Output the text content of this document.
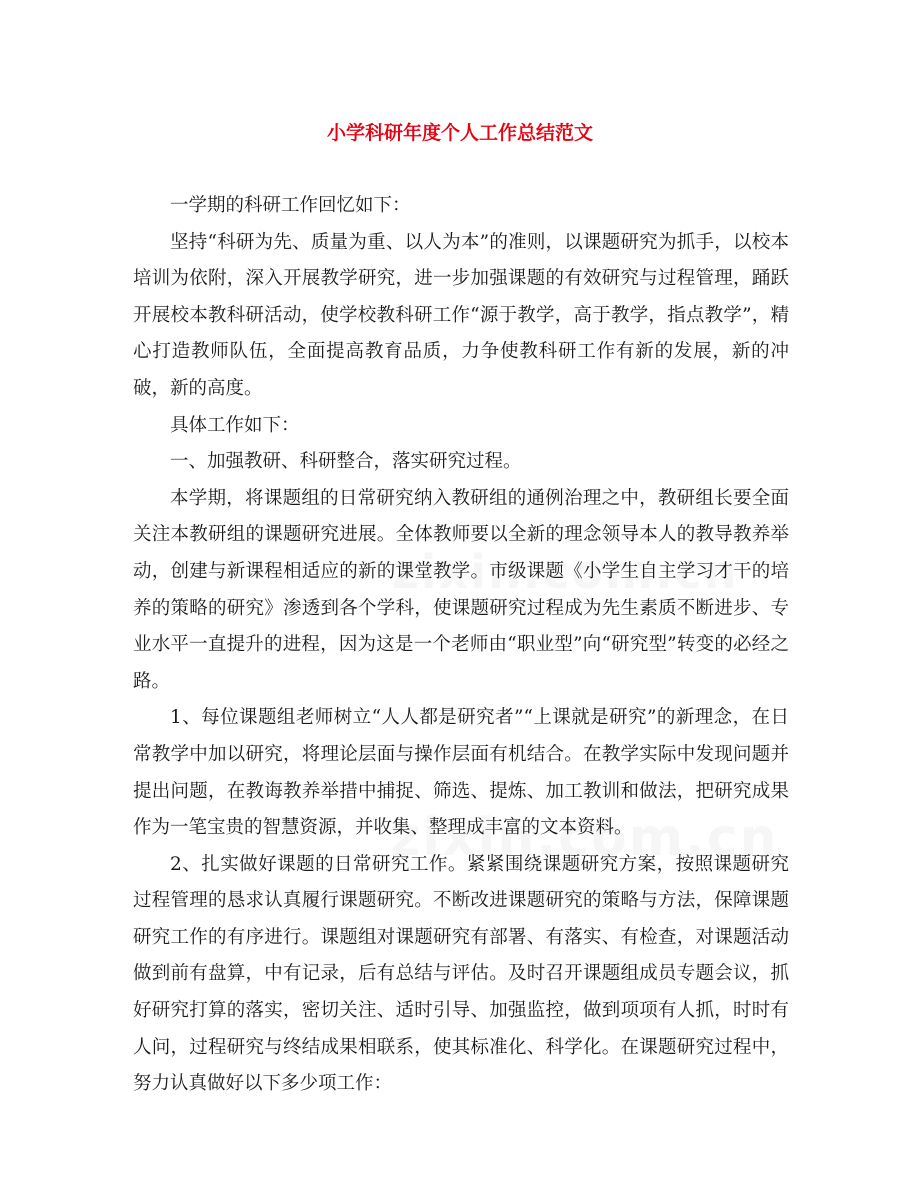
小学科研年度个人工作总结范文

一学期的科研工作回忆如下：

坚持“科研为先、质量为重、以人为本”的准则，以课题研究为抓手，以校本培训为依附，深入开展教学研究，进一步加强课题的有效研究与过程管理，踊跃开展校本教科研活动，使学校教科研工作“源于教学，高于教学，指点教学”，精心打造教师队伍，全面提高教育品质，力争使教科研工作有新的发展，新的冲破，新的高度。

具体工作如下：

一、加强教研、科研整合，落实研究过程。

本学期，将课题组的日常研究纳入教研组的通例治理之中，教研组长要全面关注本教研组的课题研究进展。全体教师要以全新的理念领导本人的教导教养举动，创建与新课程相适应的新的课堂教学。市级课题《小学生自主学习才干的培养的策略的研究》渗透到各个学科，使课题研究过程成为先生素质不断进步、专业水平一直提升的进程，因为这是一个老师由“职业型”向“研究型”转变的必经之路。

1、每位课题组老师树立“人人都是研究者”“上课就是研究”的新理念，在日常教学中加以研究，将理论层面与操作层面有机结合。在教学实际中发现问题并提出问题，在教诲教养举措中捕捉、筛选、提炼、加工教训和做法，把研究成果作为一笔宝贵的智慧资源，并收集、整理成丰富的文本资料。

2、扎实做好课题的日常研究工作。紧紧围绕课题研究方案，按照课题研究过程管理的恳求认真履行课题研究。不断改进课题研究的策略与方法，保障课题研究工作的有序进行。课题组对课题研究有部署、有落实、有检查，对课题活动做到前有盘算，中有记录，后有总结与评估。及时召开课题组成员专题会议，抓好研究打算的落实，密切关注、适时引导、加强监控，做到项项有人抓，时时有人问，过程研究与终结成果相联系，使其标准化、科学化。在课题研究过程中，努力认真做好以下多少项工作：
